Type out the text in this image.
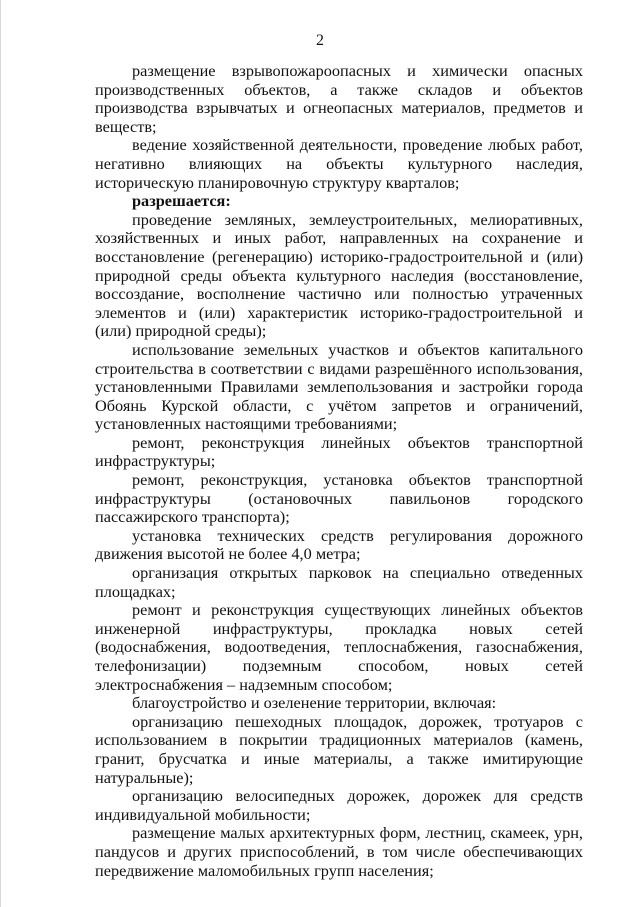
2

размещение взрывопожароопасных и химически опасных производственных объектов, а также складов и объектов производства взрывчатых и огнеопасных материалов, предметов и веществ;

ведение хозяйственной деятельности, проведение любых работ, негативно влияющих на объекты культурного наследия, историческую планировочную структуру кварталов;

разрешается:

проведение земляных, землеустроительных, мелиоративных, хозяйственных и иных работ, направленных на сохранение и восстановление (регенерацию) историко-градостроительной и (или) природной среды объекта культурного наследия (восстановление, воссоздание, восполнение частично или полностью утраченных элементов и (или) характеристик историко-градостроительной и (или) природной среды);

использование земельных участков и объектов капитального строительства в соответствии с видами разрешённого использования, установленными Правилами землепользования и застройки города Обоянь Курской области, с учётом запретов и ограничений, установленных настоящими требованиями;

ремонт, реконструкция линейных объектов транспортной инфраструктуры;

ремонт, реконструкция, установка объектов транспортной инфраструктуры (остановочных павильонов городского пассажирского транспорта);

установка технических средств регулирования дорожного движения высотой не более 4,0 метра;

организация открытых парковок на специально отведенных площадках;

ремонт и реконструкция существующих линейных объектов инженерной инфраструктуры, прокладка новых сетей (водоснабжения, водоотведения, теплоснабжения, газоснабжения, телефонизации) подземным способом, новых сетей электроснабжения – надземным способом;

благоустройство и озеленение территории, включая:

организацию пешеходных площадок, дорожек, тротуаров с использованием в покрытии традиционных материалов (камень, гранит, брусчатка и иные материалы, а также имитирующие натуральные);

организацию велосипедных дорожек, дорожек для средств индивидуальной мобильности;

размещение малых архитектурных форм, лестниц, скамеек, урн, пандусов и других приспособлений, в том числе обеспечивающих передвижение маломобильных групп населения;
